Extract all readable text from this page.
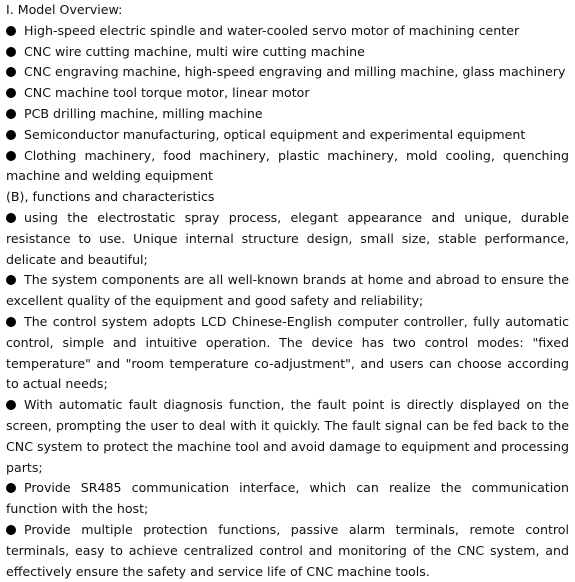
I. Model Overview:

High-speed electric spindle and water-cooled servo motor of machining center

CNC wire cutting machine, multi wire cutting machine

CNC engraving machine, high-speed engraving and milling machine, glass machinery

CNC machine tool torque motor, linear motor

PCB drilling machine, milling machine

Semiconductor manufacturing, optical equipment and experimental equipment

Clothing machinery, food machinery, plastic machinery, mold cooling, quenching machine and welding equipment

(B), functions and characteristics

using the electrostatic spray process, elegant appearance and unique, durable resistance to use. Unique internal structure design, small size, stable performance, delicate and beautiful;

The system components are all well-known brands at home and abroad to ensure the excellent quality of the equipment and good safety and reliability;

The control system adopts LCD Chinese-English computer controller, fully automatic control, simple and intuitive operation. The device has two control modes: "fixed temperature" and "room temperature co-adjustment", and users can choose according to actual needs;

With automatic fault diagnosis function, the fault point is directly displayed on the screen, prompting the user to deal with it quickly. The fault signal can be fed back to the CNC system to protect the machine tool and avoid damage to equipment and processing parts;

Provide SR485 communication interface, which can realize the communication function with the host;

Provide multiple protection functions, passive alarm terminals, remote control terminals, easy to achieve centralized control and monitoring of the CNC system, and effectively ensure the safety and service life of CNC machine tools.
